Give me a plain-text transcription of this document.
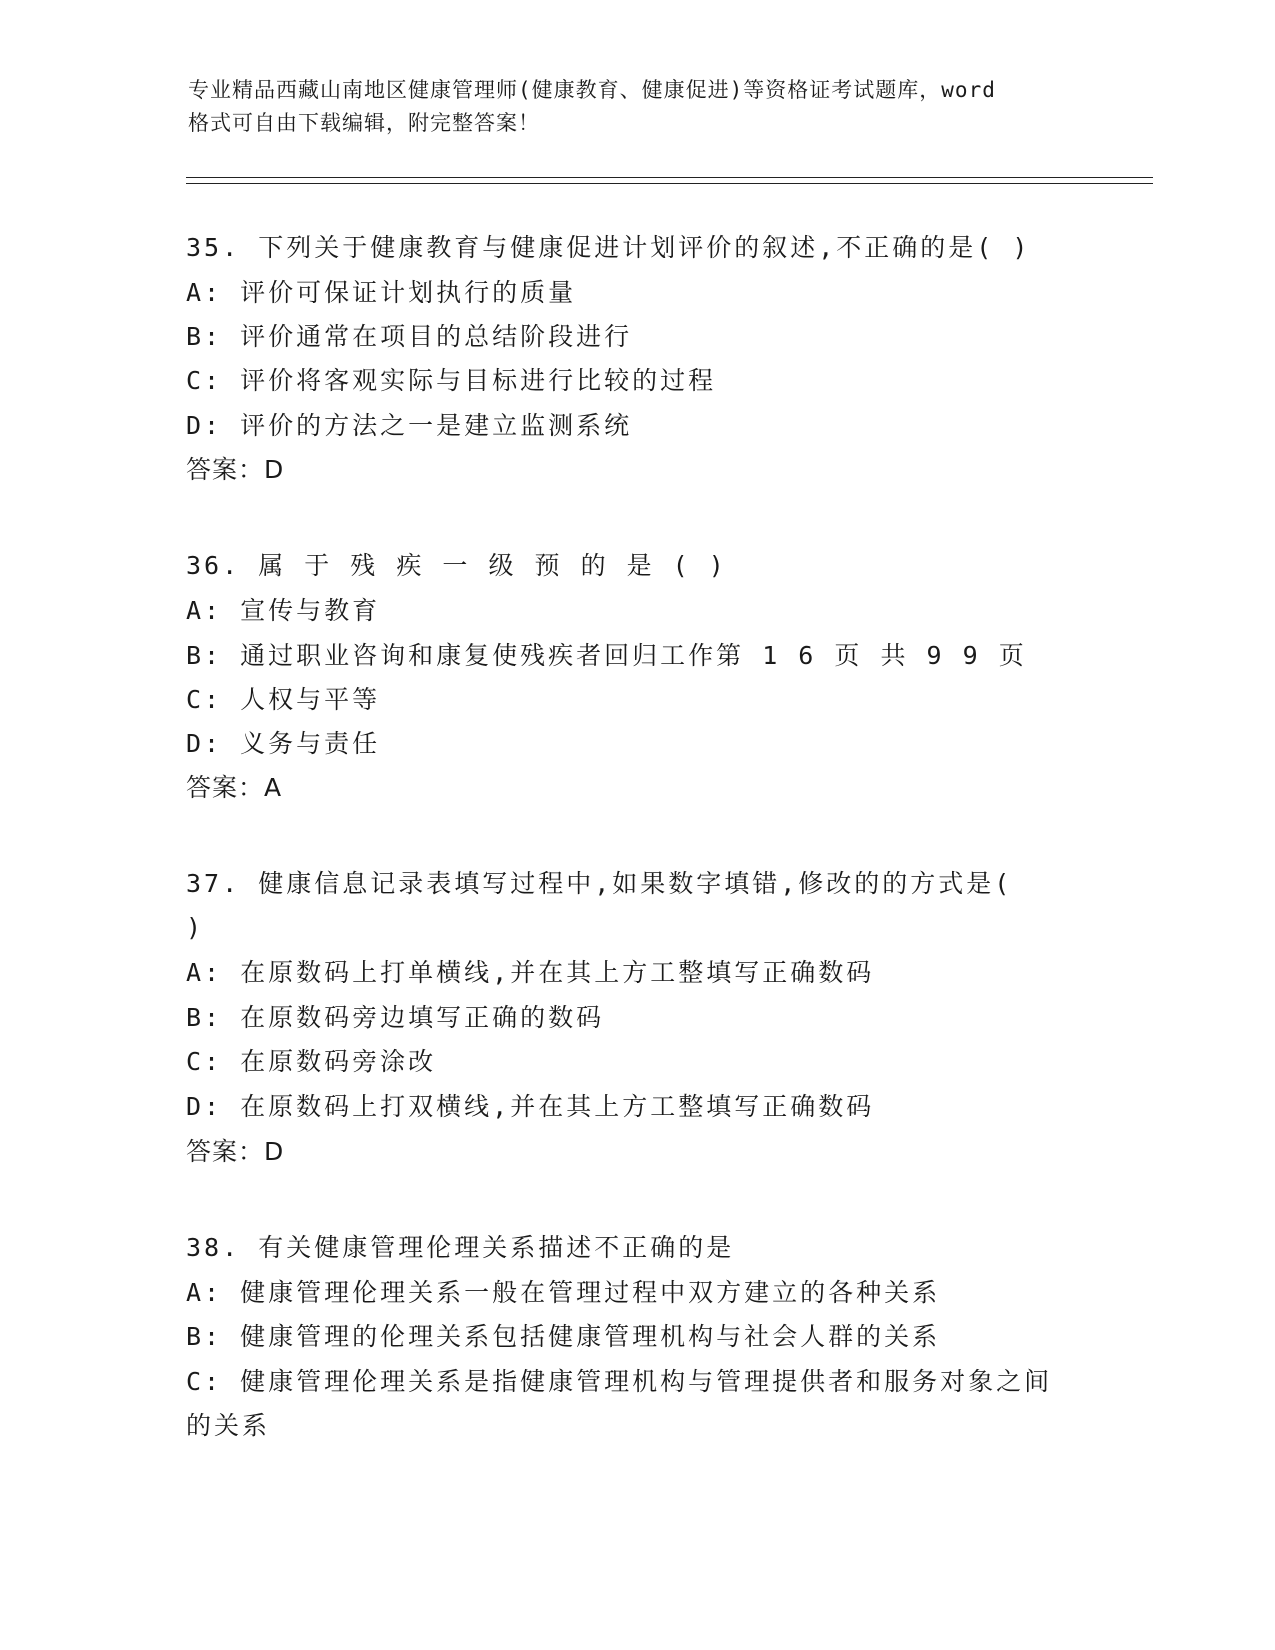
专业精品西藏山南地区健康管理师(健康教育、健康促进)等资格证考试题库，word
格式可自由下载编辑，附完整答案！
35. 下列关于健康教育与健康促进计划评价的叙述,不正确的是( )
A: 评价可保证计划执行的质量
B: 评价通常在项目的总结阶段进行
C: 评价将客观实际与目标进行比较的过程
D: 评价的方法之一是建立监测系统
答案：D
36. 属 于 残 疾 一 级 预 的 是 ( )
A: 宣传与教育
B: 通过职业咨询和康复使残疾者回归工作第 1 6 页 共 9 9 页
C: 人权与平等
D: 义务与责任
答案：A
37. 健康信息记录表填写过程中,如果数字填错,修改的的方式是(
)
A: 在原数码上打单横线,并在其上方工整填写正确数码
B: 在原数码旁边填写正确的数码
C: 在原数码旁涂改
D: 在原数码上打双横线,并在其上方工整填写正确数码
答案：D
38. 有关健康管理伦理关系描述不正确的是
A: 健康管理伦理关系一般在管理过程中双方建立的各种关系
B: 健康管理的伦理关系包括健康管理机构与社会人群的关系
C: 健康管理伦理关系是指健康管理机构与管理提供者和服务对象之间
的关系
